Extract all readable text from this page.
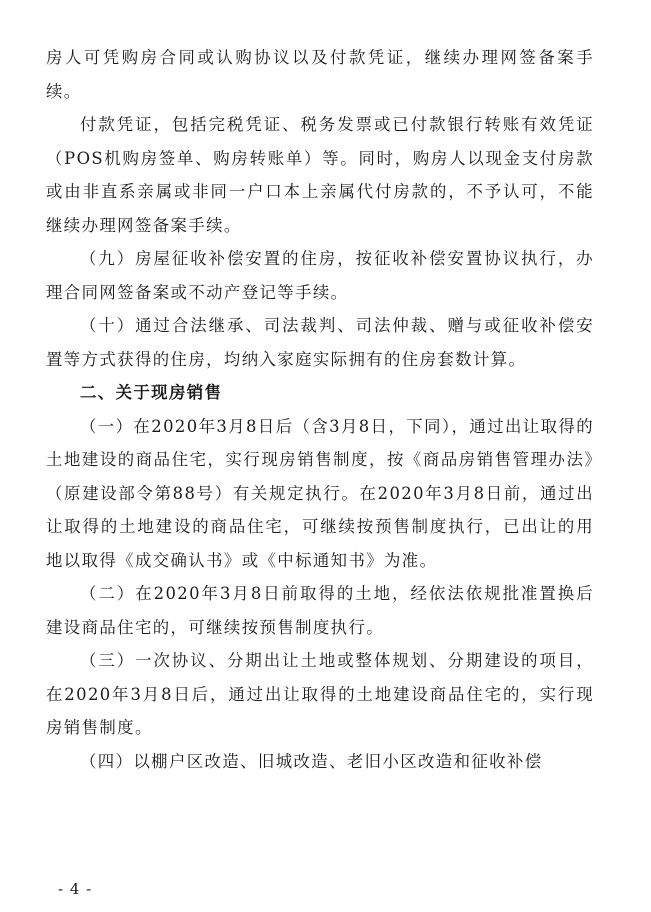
房人可凭购房合同或认购协议以及付款凭证，继续办理网签备案手续。

付款凭证，包括完税凭证、税务发票或已付款银行转账有效凭证（POS机购房签单、购房转账单）等。同时，购房人以现金支付房款或由非直系亲属或非同一户口本上亲属代付房款的，不予认可，不能继续办理网签备案手续。

（九）房屋征收补偿安置的住房，按征收补偿安置协议执行，办理合同网签备案或不动产登记等手续。

（十）通过合法继承、司法裁判、司法仲裁、赠与或征收补偿安置等方式获得的住房，均纳入家庭实际拥有的住房套数计算。

二、关于现房销售

（一）在2020年3月8日后（含3月8日，下同），通过出让取得的土地建设的商品住宅，实行现房销售制度，按《商品房销售管理办法》（原建设部令第88号）有关规定执行。在2020年3月8日前，通过出让取得的土地建设的商品住宅，可继续按预售制度执行，已出让的用地以取得《成交确认书》或《中标通知书》为准。

（二）在2020年3月8日前取得的土地，经依法依规批准置换后建设商品住宅的，可继续按预售制度执行。

（三）一次协议、分期出让土地或整体规划、分期建设的项目，在2020年3月8日后，通过出让取得的土地建设商品住宅的，实行现房销售制度。

（四）以棚户区改造、旧城改造、老旧小区改造和征收补偿

- 4 -
